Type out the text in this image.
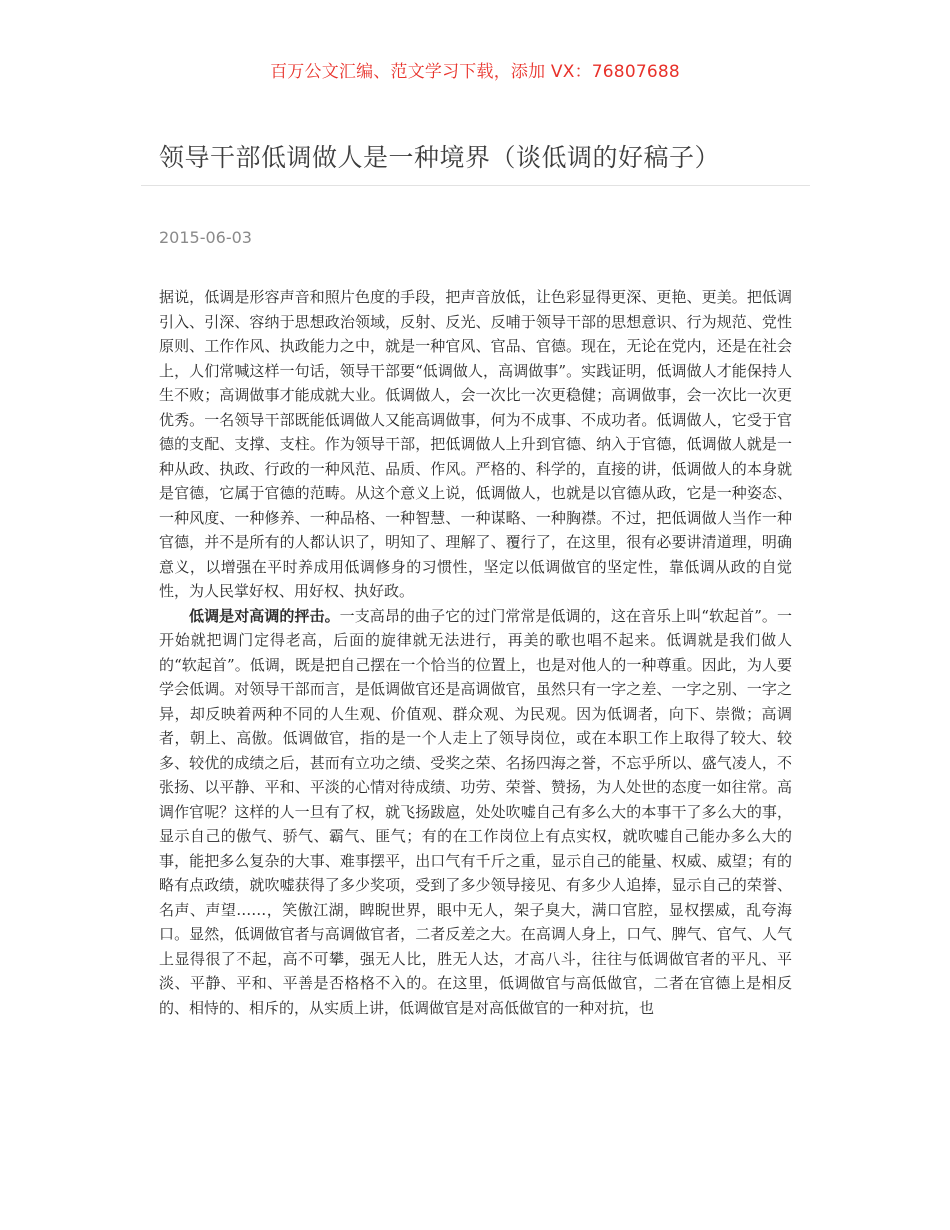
百万公文汇编、范文学习下载，添加 VX：76807688
领导干部低调做人是一种境界（谈低调的好稿子）
2015-06-03

据说，低调是形容声音和照片色度的手段，把声音放低，让色彩显得更深、更艳、更美。把低调引入、引深、容纳于思想政治领域，反射、反光、反哺于领导干部的思想意识、行为规范、党性原则、工作作风、执政能力之中，就是一种官风、官品、官德。现在，无论在党内，还是在社会上，人们常喊这样一句话，领导干部要“低调做人，高调做事”。实践证明，低调做人才能保持人生不败；高调做事才能成就大业。低调做人，会一次比一次更稳健；高调做事，会一次比一次更优秀。一名领导干部既能低调做人又能高调做事，何为不成事、不成功者。低调做人，它受于官德的支配、支撑、支柱。作为领导干部，把低调做人上升到官德、纳入于官德，低调做人就是一种从政、执政、行政的一种风范、品质、作风。严格的、科学的，直接的讲，低调做人的本身就是官德，它属于官德的范畴。从这个意义上说，低调做人，也就是以官德从政，它是一种姿态、一种风度、一种修养、一种品格、一种智慧、一种谋略、一种胸襟。不过，把低调做人当作一种官德，并不是所有的人都认识了，明知了、理解了、覆行了，在这里，很有必要讲清道理，明确意义，以增强在平时养成用低调修身的习惯性，坚定以低调做官的坚定性，靠低调从政的自觉性，为人民掌好权、用好权、执好政。

低调是对高调的抨击。一支高昂的曲子它的过门常常是低调的，这在音乐上叫“软起首”。一开始就把调门定得老高，后面的旋律就无法进行，再美的歌也唱不起来。低调就是我们做人的“软起首”。低调，既是把自己摆在一个恰当的位置上，也是对他人的一种尊重。因此，为人要学会低调。对领导干部而言，是低调做官还是高调做官，虽然只有一字之差、一字之别、一字之异，却反映着两种不同的人生观、价值观、群众观、为民观。因为低调者，向下、崇微；高调者，朝上、高傲。低调做官，指的是一个人走上了领导岗位，或在本职工作上取得了较大、较多、较优的成绩之后，甚而有立功之绩、受奖之荣、名扬四海之誉，不忘乎所以、盛气凌人，不张扬、以平静、平和、平淡的心情对待成绩、功劳、荣誉、赞扬，为人处世的态度一如往常。高调作官呢？这样的人一旦有了权，就飞扬跋扈，处处吹嘘自己有多么大的本事干了多么大的事，显示自己的傲气、骄气、霸气、匪气；有的在工作岗位上有点实权，就吹嘘自己能办多么大的事，能把多么复杂的大事、难事摆平，出口气有千斤之重，显示自己的能量、权威、威望；有的略有点政绩，就吹嘘获得了多少奖项，受到了多少领导接见、有多少人追捧，显示自己的荣誉、名声、声望……，笑傲江湖，睥睨世界，眼中无人，架子臭大，满口官腔，显权摆威，乱夸海口。显然，低调做官者与高调做官者，二者反差之大。在高调人身上，口气、脾气、官气、人气上显得很了不起，高不可攀，强无人比，胜无人达，才高八斗，往往与低调做官者的平凡、平淡、平静、平和、平善是否格格不入的。在这里，低调做官与高低做官，二者在官德上是相反的、相恃的、相斥的，从实质上讲，低调做官是对高低做官的一种对抗，也
